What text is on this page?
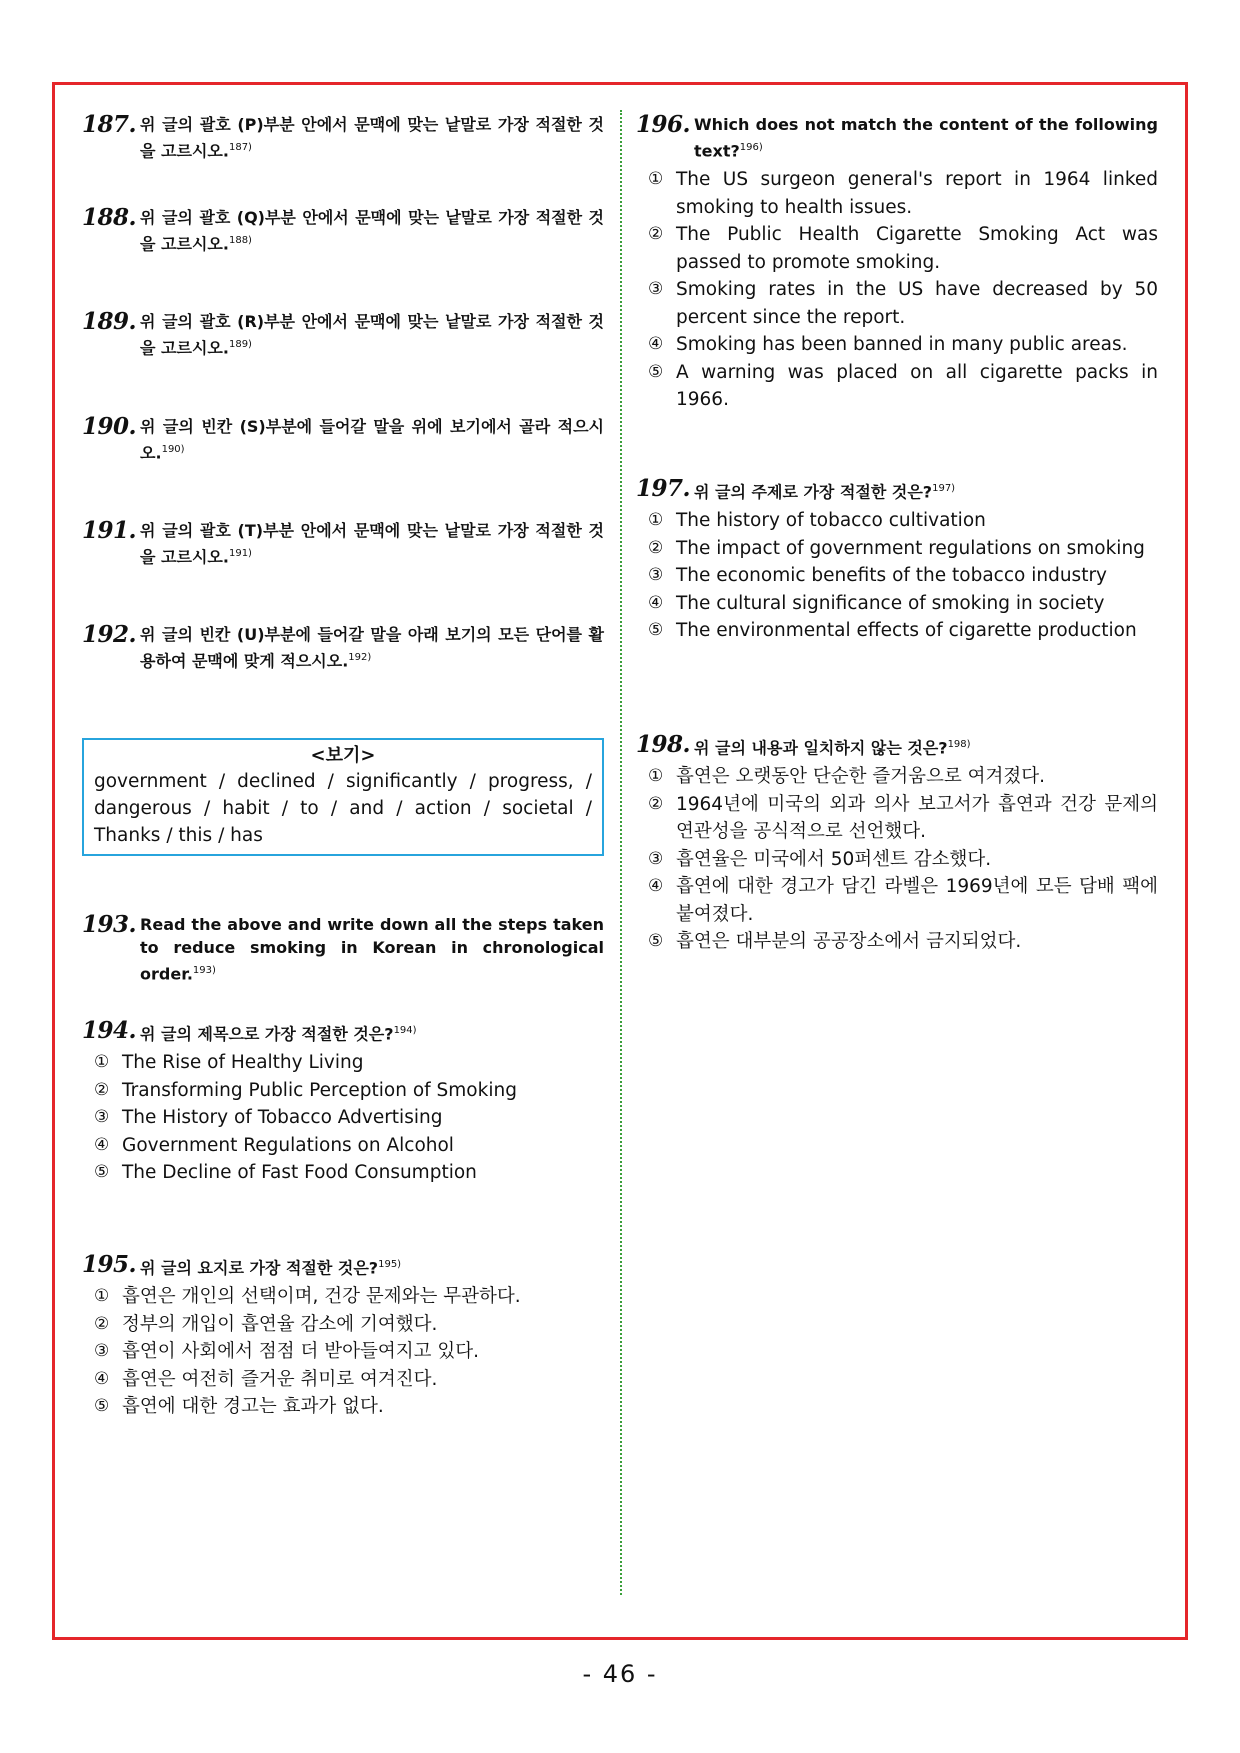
187. 위 글의 괄호 (P)부분 안에서 문맥에 맞는 낱말로 가장 적절한 것을 고르시오.$^{187)}$
188. 위 글의 괄호 (Q)부분 안에서 문맥에 맞는 낱말로 가장 적절한 것을 고르시오.$^{188)}$
189. 위 글의 괄호 (R)부분 안에서 문맥에 맞는 낱말로 가장 적절한 것을 고르시오.$^{189)}$
190. 위 글의 빈칸 (S)부분에 들어갈 말을 위에 보기에서 골라 적으시오.$^{190)}$
191. 위 글의 괄호 (T)부분 안에서 문맥에 맞는 낱말로 가장 적절한 것을 고르시오.$^{191)}$
192. 위 글의 빈칸 (U)부분에 들어갈 말을 아래 보기의 모든 단어를 활용하여 문맥에 맞게 적으시오.$^{192)}$
<보기>
government / declined / significantly / progress, / dangerous / habit / to / and / action / societal / Thanks / this / has
193. Read the above and write down all the steps taken to reduce smoking in Korean in chronological order.$^{193)}$
194. 위 글의 제목으로 가장 적절한 것은?$^{194)}$
① The Rise of Healthy Living
② Transforming Public Perception of Smoking
③ The History of Tobacco Advertising
④ Government Regulations on Alcohol
⑤ The Decline of Fast Food Consumption
195. 위 글의 요지로 가장 적절한 것은?$^{195)}$
① 흡연은 개인의 선택이며, 건강 문제와는 무관하다.
② 정부의 개입이 흡연율 감소에 기여했다.
③ 흡연이 사회에서 점점 더 받아들여지고 있다.
④ 흡연은 여전히 즐거운 취미로 여겨진다.
⑤ 흡연에 대한 경고는 효과가 없다.
196. Which does not match the content of the following text?$^{196)}$
① The US surgeon general's report in 1964 linked smoking to health issues.
② The Public Health Cigarette Smoking Act was passed to promote smoking.
③ Smoking rates in the US have decreased by 50 percent since the report.
④ Smoking has been banned in many public areas.
⑤ A warning was placed on all cigarette packs in 1966.
197. 위 글의 주제로 가장 적절한 것은?$^{197)}$
① The history of tobacco cultivation
② The impact of government regulations on smoking
③ The economic benefits of the tobacco industry
④ The cultural significance of smoking in society
⑤ The environmental effects of cigarette production
198. 위 글의 내용과 일치하지 않는 것은?$^{198)}$
① 흡연은 오랫동안 단순한 즐거움으로 여겨졌다.
② 1964년에 미국의 외과 의사 보고서가 흡연과 건강 문제의 연관성을 공식적으로 선언했다.
③ 흡연율은 미국에서 50퍼센트 감소했다.
④ 흡연에 대한 경고가 담긴 라벨은 1969년에 모든 담배 팩에 붙여졌다.
⑤ 흡연은 대부분의 공공장소에서 금지되었다.
- 46 -
